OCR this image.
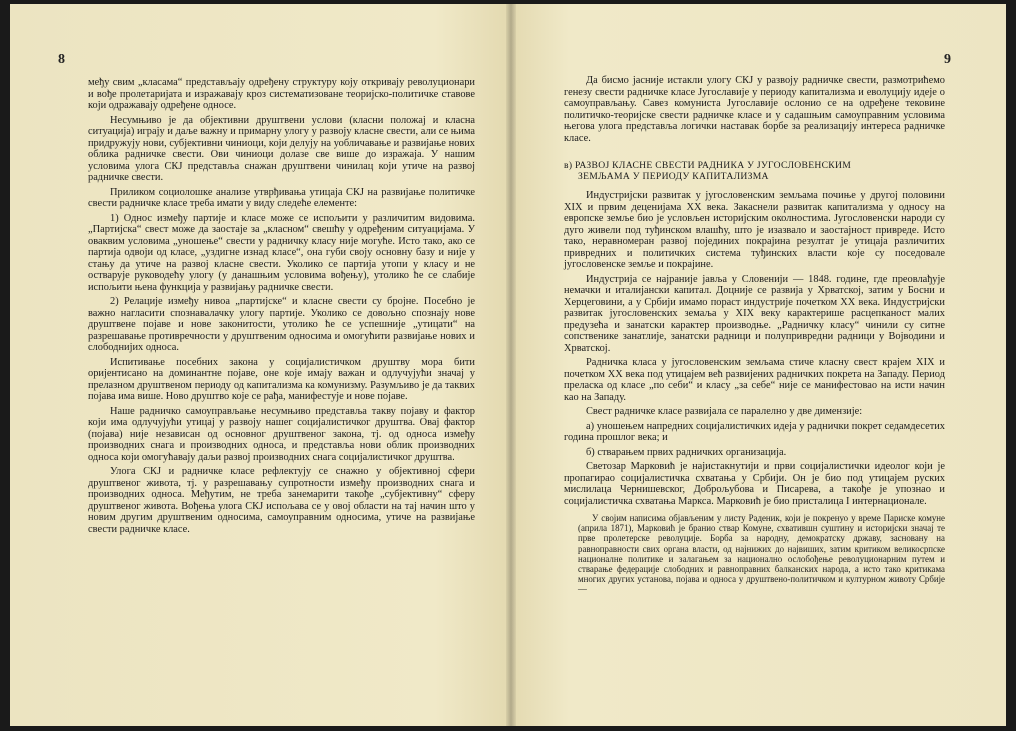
8

међу свим „класама“ представљају одређену структуру коју откривају револуционари и вође пролетаријата и изражавају кроз систематизоване теоријско-политичке ставове који одражавају одређене односе.

Несумњиво је да објективни друштвени услови (класни положај и класна ситуација) играју и даље важну и примарну улогу у развоју класне свести, али се њима придружују нови, субјективни чиниоци, који делују на уобличавање и развијање нових облика радничке свести. Ови чиниоци долазе све више до изражаја. У нашим условима улога СКЈ представља снажан друштвени чинилац који утиче на развој радничке свести.

Приликом социолошке анализе утврђивања утицаја СКЈ на развијање политичке свести радничке класе треба имати у виду следеће елементе:

1) Однос између партије и класе може се испољити у различитим видовима. „Партијска“ свест може да заостаје за „класном“ свешћу у одређеним ситуацијама. У оваквим условима „уношење“ свести у радничку класу није могуће. Исто тако, ако се партија одвоји од класе, „уздигне изнад класе“, она губи своју основну базу и није у стању да утиче на развој класне свести. Уколико се партија утопи у класу и не остварује руководећу улогу (у данашњим условима вођењу), утолико ће се слабије испољити њена функција у развијању радничке свести.

2) Релације између нивоа „партијске“ и класне свести су бројне. Посебно је важно нагласити спознавалачку улогу партије. Уколико се довољно спознају нове друштвене појаве и нове законитости, утолико ће се успешније „утицати“ на разрешавање противречности у друштвеним односима и омогућити развијање нових и слободнијих односа.

Испитивање посебних закона у социјалистичком друштву мора бити оријентисано на доминантне појаве, оне које имају важан и одлучујући значај у прелазном друштвеном периоду од капитализма ка комунизму. Разумљиво је да таквих појава има више. Ново друштво које се рађа, манифестује и нове појаве.

Наше радничко самоуправљање несумњиво представља такву појаву и фактор који има одлучујући утицај у развоју нашег социјалистичког друштва. Овај фактор (појава) није независан од основног друштвеног закона, тј. од односа између производних снага и производних односа, и представља нови облик производних односа који омогућавају даљи развој производних снага социјалистичког друштва.

Улога СКЈ и радничке класе рефлектују се снажно у објективној сфери друштвеног живота, тј. у разрешавању супротности између производних снага и производних односа. Међутим, не треба занемарити такође „субјективну“ сферу друштвеног живота. Вођења улога СКЈ испољава се у овој области на тај начин што у новим другим друштвеним односима, самоуправним односима, утиче на развијање свести радничке класе.

9

Да бисмо јасније истакли улогу СКЈ у развоју радничке свести, размотрићемо генезу свести радничке класе Југославије у периоду капитализма и еволуцију идеје о самоуправљању. Савез комуниста Југославије ослонио се на одређене тековине политичко-теоријске свести радничке класе и у садашњим самоуправним условима његова улога представља логички наставак борбе за реализацију интереса радничке класе.

в) РАЗВОЈ КЛАСНЕ СВЕСТИ РАДНИКА У ЈУГОСЛОВЕНСКИМ
ЗЕМЉАМА У ПЕРИОДУ КАПИТАЛИЗМА

Индустријски развитак у југословенским земљама почиње у другој половини XIX и првим деценијама XX века. Закаснели развитак капитализма у односу на европске земље био је условљен историјским околностима. Југословенски народи су дуго живели под туђинском влашћу, што је изазвало и заостајност привреде. Исто тако, неравномеран развој појединих покрајина резултат је утицаја различитих привредних и политичких система туђинских власти које су поседовале југословенске земље и покрајине.

Индустрија се најраније јавља у Словенији — 1848. године, где преовлађује немачки и италијански капитал. Доцније се развија у Хрватској, затим у Босни и Херцеговини, а у Србији имамо пораст индустрије почетком XX века. Индустријски развитак југословенских земаља у XIX веку карактерише расцепканост малих предузећа и занатски карактер производње. „Радничку класу“ чинили су ситне сопственике занатлије, занатски радници и полупривредни радници у Војводини и Хрватској.

Радничка класа у југословенским земљама стиче класну свест крајем XIX и почетком XX века под утицајем већ развијених радничких покрета на Западу. Период прелаcка од класе „по себи“ и класу „за себе“ није се манифестовао на исти начин као на Западу.

Свест радничке класе развијала се паралелно у две димензије:

а) уношењем напредних социјалистичких идеја у раднички покрет седамдесетих година прошлог века; и

б) стварањем првих радничких организација.

Светозар Марковић је најистакнутији и први социјалистички идеолог који је пропагирао социјалистичка схватања у Србији. Он је био под утицајем руских мислилаца Чернишевског, Доброљубова и Писарева, а такође је упознао и социјалистичка схватања Маркса. Марковић је био присталица I интернационале.

У својим написима објављеним у листу Раденик, који је покренуо у време Париске комуне (априла 1871), Марковић је бранио ствар Комуне, схватившн суштину и историјски значај те прве пролетерске револуције. Борба за народну, демократску државу, засновану на равноправности свих органа власти, од најнижих до највиших, затим критиком великосрпске националне политике и залагањем за национално ослобођење револуционарним путем и стварање федерације слободних и равноправних балканских народа, а исто тако критикама многих других установа, појава и односа у друштвено-политичком и културном животу Србије —
